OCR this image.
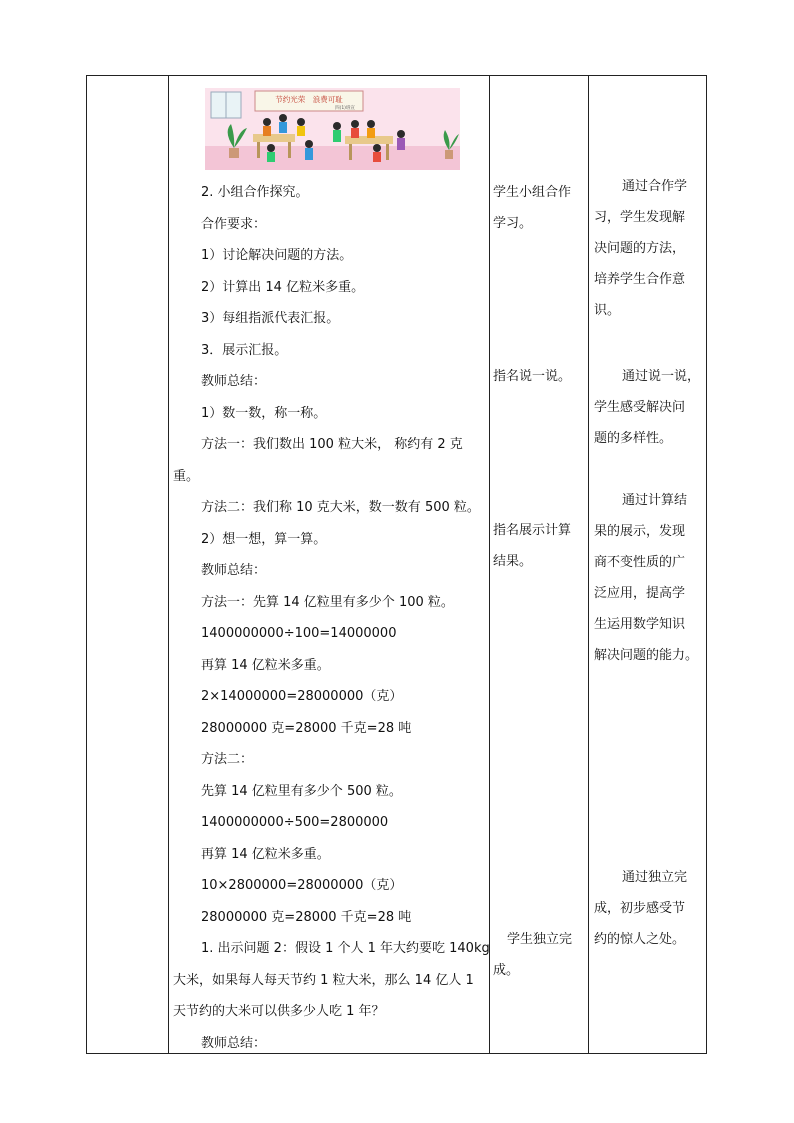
节约光荣　浪费可耻
四(1)班宣
2. 小组合作探究。
合作要求：
1）讨论解决问题的方法。
2）计算出 14 亿粒米多重。
3）每组指派代表汇报。
3．展示汇报。
教师总结：
1）数一数，称一称。
方法一：我们数出 100 粒大米， 称约有 2 克
重。
方法二：我们称 10 克大米，数一数有 500 粒。
2）想一想，算一算。
教师总结：
方法一：先算 14 亿粒里有多少个 100 粒。
1400000000÷100=14000000
再算 14 亿粒米多重。
2×14000000=28000000（克）
28000000 克=28000 千克=28 吨
方法二：
先算 14 亿粒里有多少个 500 粒。
1400000000÷500=2800000
再算 14 亿粒米多重。
10×2800000=28000000（克）
28000000 克=28000 千克=28 吨
1. 出示问题 2：假设 1 个人 1 年大约要吃 140kg
大米，如果每人每天节约 1 粒大米，那么 14 亿人 1
天节约的大米可以供多少人吃 1 年？
教师总结：
学生小组合作
学习。
指名说一说。
指名展示计算
结果。
学生独立完
成。
通过合作学
习，学生发现解
决问题的方法，
培养学生合作意
识。
通过说一说，
学生感受解决问
题的多样性。
通过计算结
果的展示，发现
商不变性质的广
泛应用，提高学
生运用数学知识
解决问题的能力。
通过独立完
成，初步感受节
约的惊人之处。
